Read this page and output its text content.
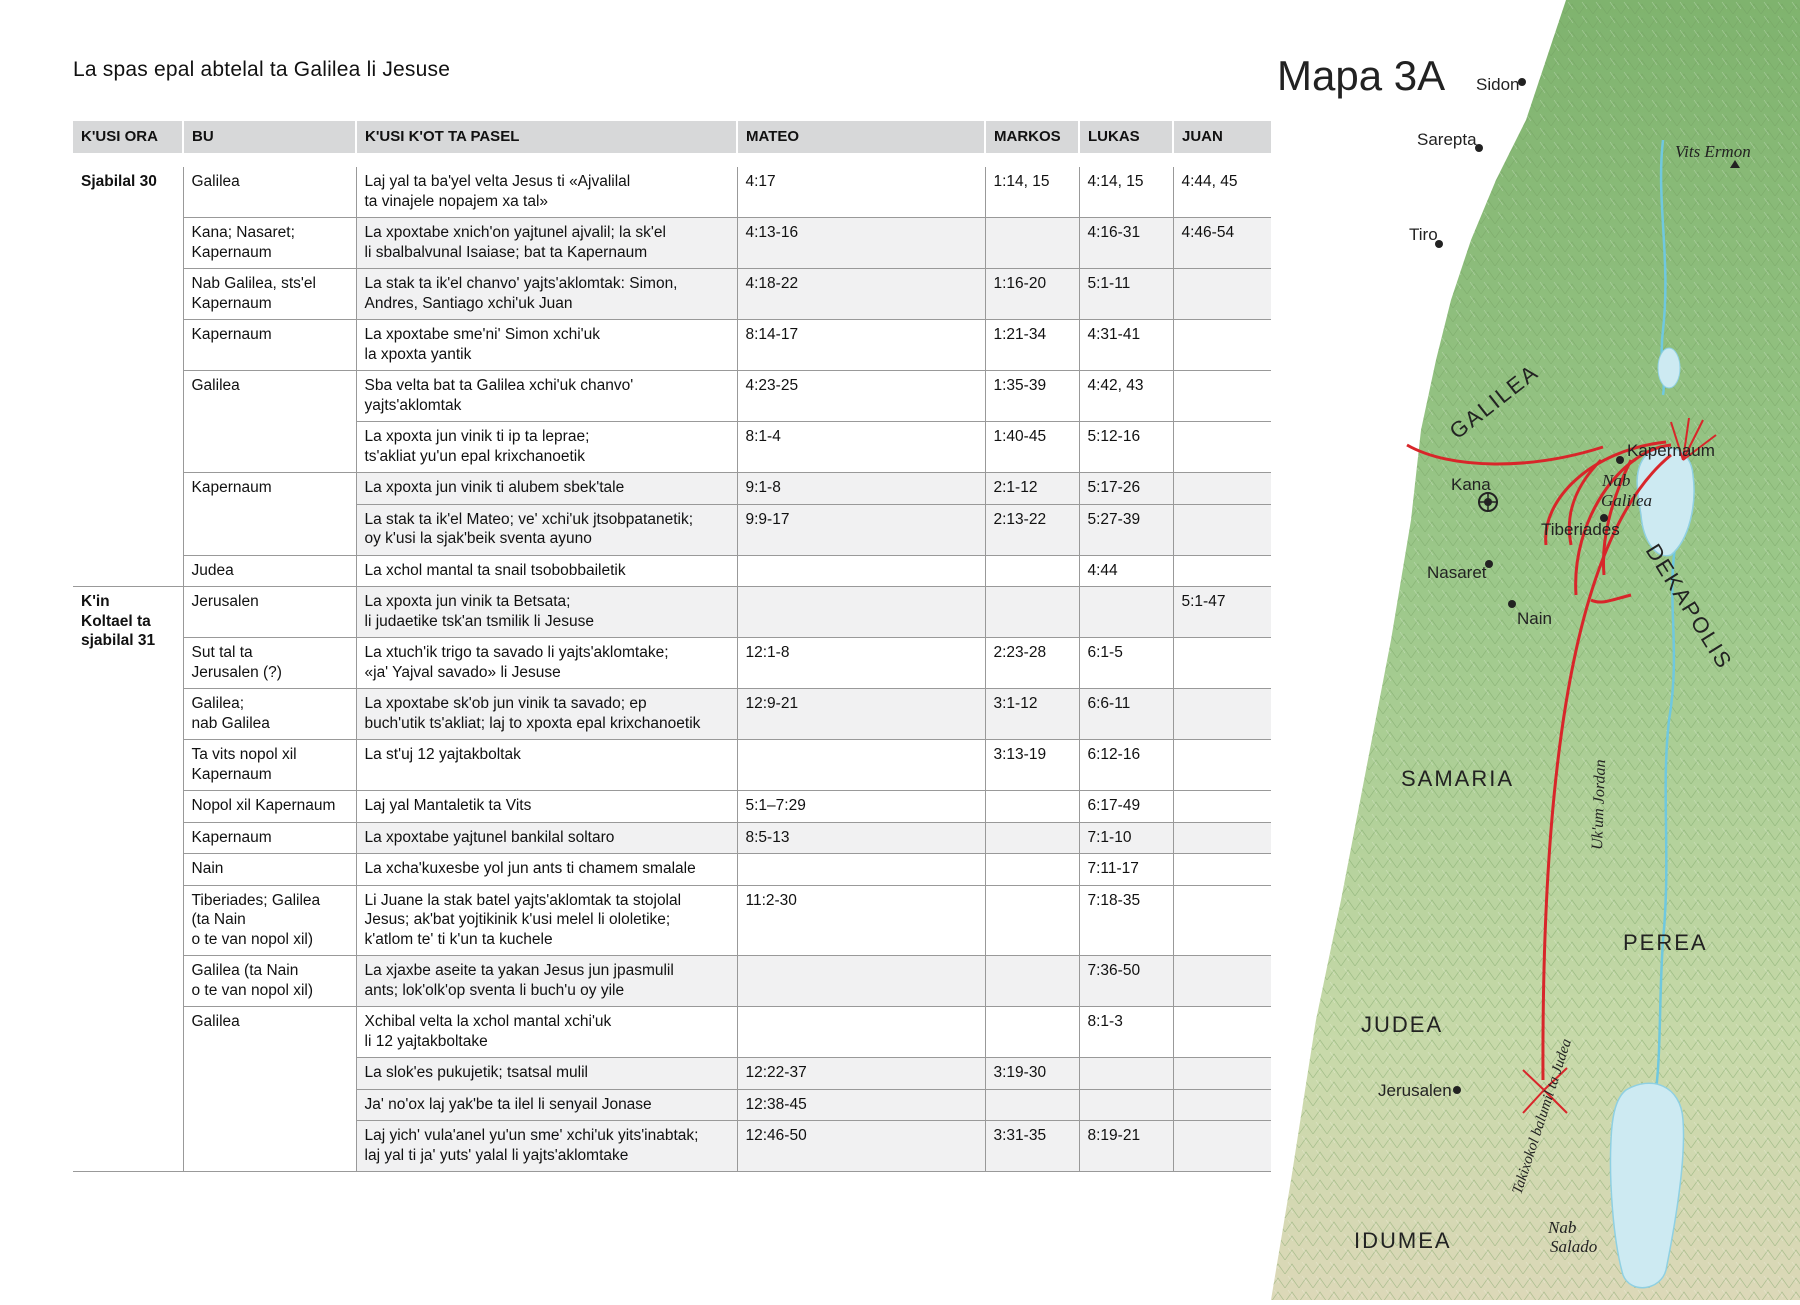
La spas epal abtelal ta Galilea li Jesuse
K'USI ORA	BU	K'USI K'OT TA PASEL	MATEO	MARKOS	LUKAS	JUAN

Sjabilal 30	Galilea	Laj yal ta ba'yel velta Jesus ti «Ajvalilal
ta vinajele nopajem xa tal»	4:17	1:14, 15	4:14, 15	4:44, 45
	Kana; Nasaret;
Kapernaum	La xpoxtabe xnich'on yajtunel ajvalil; la sk'el
li sbalbalvunal Isaiase; bat ta Kapernaum	4:13-16		4:16-31	4:46-54
	Nab Galilea, sts'el
Kapernaum	La stak ta ik'el chanvo' yajts'aklomtak: Simon,
Andres, Santiago xchi'uk Juan	4:18-22	1:16-20	5:1-11	
	Kapernaum	La xpoxtabe sme'ni' Simon xchi'uk
la xpoxta yantik	8:14-17	1:21-34	4:31-41	
	Galilea	Sba velta bat ta Galilea xchi'uk chanvo'
yajts'aklomtak	4:23-25	1:35-39	4:42, 43	
		La xpoxta jun vinik ti ip ta leprae;
ts'akliat yu'un epal krixchanoetik	8:1-4	1:40-45	5:12-16	
	Kapernaum	La xpoxta jun vinik ti alubem sbek'tale	9:1-8	2:1-12	5:17-26	
		La stak ta ik'el Mateo; ve' xchi'uk jtsobpatanetik;
oy k'usi la sjak'beik sventa ayuno	9:9-17	2:13-22	5:27-39	
	Judea	La xchol mantal ta snail tsobobbailetik			4:44	
K'in
Koltael ta
sjabilal 31	Jerusalen	La xpoxta jun vinik ta Betsata;
li judaetike tsk'an tsmilik li Jesuse				5:1-47
	Sut tal ta
Jerusalen (?)	La xtuch'ik trigo ta savado li yajts'aklomtake;
«ja' Yajval savado» li Jesuse	12:1-8	2:23-28	6:1-5	
	Galilea;
nab Galilea	La xpoxtabe sk'ob jun vinik ta savado; ep
buch'utik ts'akliat; laj to xpoxta epal krixchanoetik	12:9-21	3:1-12	6:6-11	
	Ta vits nopol xil
Kapernaum	La st'uj 12 yajtakboltak		3:13-19	6:12-16	
	Nopol xil Kapernaum	Laj yal Mantaletik ta Vits	5:1–7:29		6:17-49	
	Kapernaum	La xpoxtabe yajtunel bankilal soltaro	8:5-13		7:1-10	
	Nain	La xcha'kuxesbe yol jun ants ti chamem smalale			7:11-17	
	Tiberiades; Galilea
(ta Nain
o te van nopol xil)	Li Juane la stak batel yajts'aklomtak ta stojolal
Jesus; ak'bat yojtikinik k'usi melel li ololetike;
k'atlom te' ti k'un ta kuchele	11:2-30		7:18-35	
	Galilea (ta Nain
o te van nopol xil)	La xjaxbe aseite ta yakan Jesus jun jpasmulil
ants; lok'olk'op sventa li buch'u oy yile			7:36-50	
	Galilea	Xchibal velta la xchol mantal xchi'uk
li 12 yajtakboltake			8:1-3	
		La slok'es pukujetik; tsatsal mulil	12:22-37	3:19-30		
		Ja' no'ox laj yak'be ta ilel li senyail Jonase	12:38-45			
		Laj yich' vula'anel yu'un sme' xchi'uk yits'inabtak;
laj yal ti ja' yuts' yalal li yajts'aklomtake	12:46-50	3:31-35	8:19-21	
Sidon
Sarepta
Tiro
Kapernaum
Kana
Nasaret
Nain
Tiberiades
Jerusalen
Vits Ermon
Nab
Galilea
Nab
Salado
Uk'um Jordan
Takixokol balumil ta Judea
GALILEA
DEKAPOLIS
SAMARIA
PEREA
JUDEA
IDUMEA
Mapa 3A
